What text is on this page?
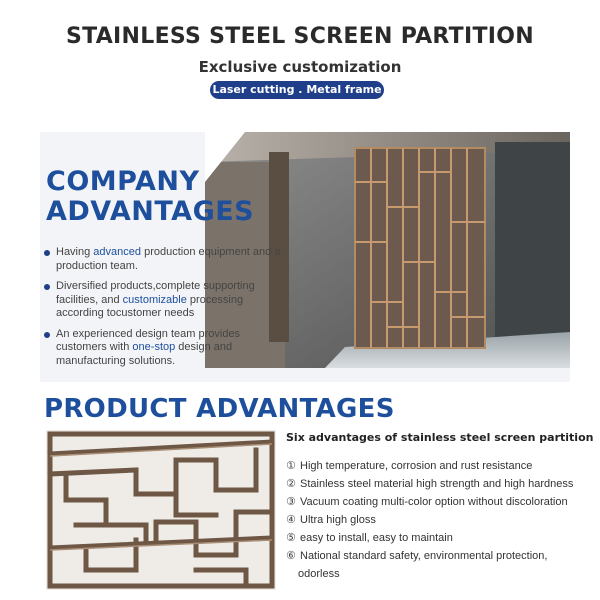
STAINLESS STEEL SCREEN PARTITION
Exclusive customization
Laser cutting . Metal frame
COMPANY
ADVANTAGES
Having advanced production equipment and a production team.
Diversified products,complete supporting facilities, and customizable processing according tocustomer needs
An experienced design team provides customers with one-stop design and manufacturing solutions.
PRODUCT ADVANTAGES
Six advantages of stainless steel screen partition
① High temperature, corrosion and rust resistance
② Stainless steel material high strength and high hardness
③ Vacuum coating multi-color option without discoloration
④ Ultra high gloss
⑤ easy to install, easy to maintain
⑥ National standard safety, environmental protection,
odorless
